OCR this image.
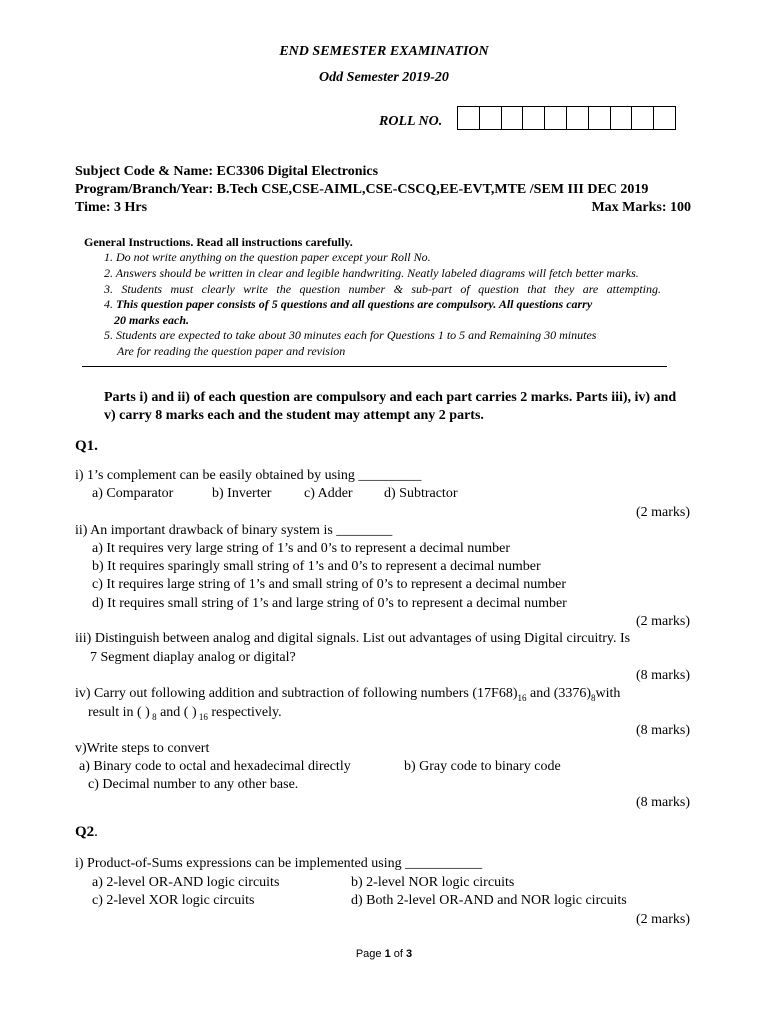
END SEMESTER EXAMINATION
Odd Semester 2019-20
ROLL NO.
Subject Code & Name: EC3306 Digital Electronics
Program/Branch/Year: B.Tech CSE,CSE-AIML,CSE-CSCQ,EE-EVT,MTE /SEM III DEC 2019
Time: 3 Hrs	Max Marks: 100
General Instructions. Read all instructions carefully.
1. Do not write anything on the question paper except your Roll No.
2. Answers should be written in clear and legible handwriting. Neatly labeled diagrams will fetch better marks.
3. Students must clearly write the question number & sub-part of question that they are attempting.
4. This question paper consists of 5 questions and all questions are compulsory. All questions carry
20 marks each.
5. Students are expected to take about 30 minutes each for Questions 1 to 5 and Remaining 30 minutes
Are for reading the question paper and revision
Parts i) and ii) of each question are compulsory and each part carries 2 marks. Parts iii), iv) and
v) carry 8 marks each and the student may attempt any 2 parts.
Q1.
i) 1’s complement can be easily obtained by using _________
a) Comparator	b) Inverter c) Adder d) Subtractor
(2 marks)
ii) An important drawback of binary system is ________
a) It requires very large string of 1’s and 0’s to represent a decimal number
b) It requires sparingly small string of 1’s and 0’s to represent a decimal number
c) It requires large string of 1’s and small string of 0’s to represent a decimal number
d) It requires small string of 1’s and large string of 0’s to represent a decimal number
(2 marks)
iii) Distinguish between analog and digital signals. List out advantages of using Digital circuitry. Is
7 Segment diaplay analog or digital?
(8 marks)
iv) Carry out following addition and subtraction of following numbers $(17F68)_{16}$ and $(3376)_8with$
result in ( ) $_8$ and ( ) $_{16}$ respectively.
(8 marks)
v)Write steps to convert
a) Binary code to octal and hexadecimal directly	b) Gray code to binary code
c) Decimal number to any other base.
(8 marks)
Q2.
i) Product-of-Sums expressions can be implemented using ___________
a) 2-level OR-AND logic circuits	b) 2-level NOR logic circuits
c) 2-level XOR logic circuits	d) Both 2-level OR-AND and NOR logic circuits
(2 marks)
Page 1 of 3
